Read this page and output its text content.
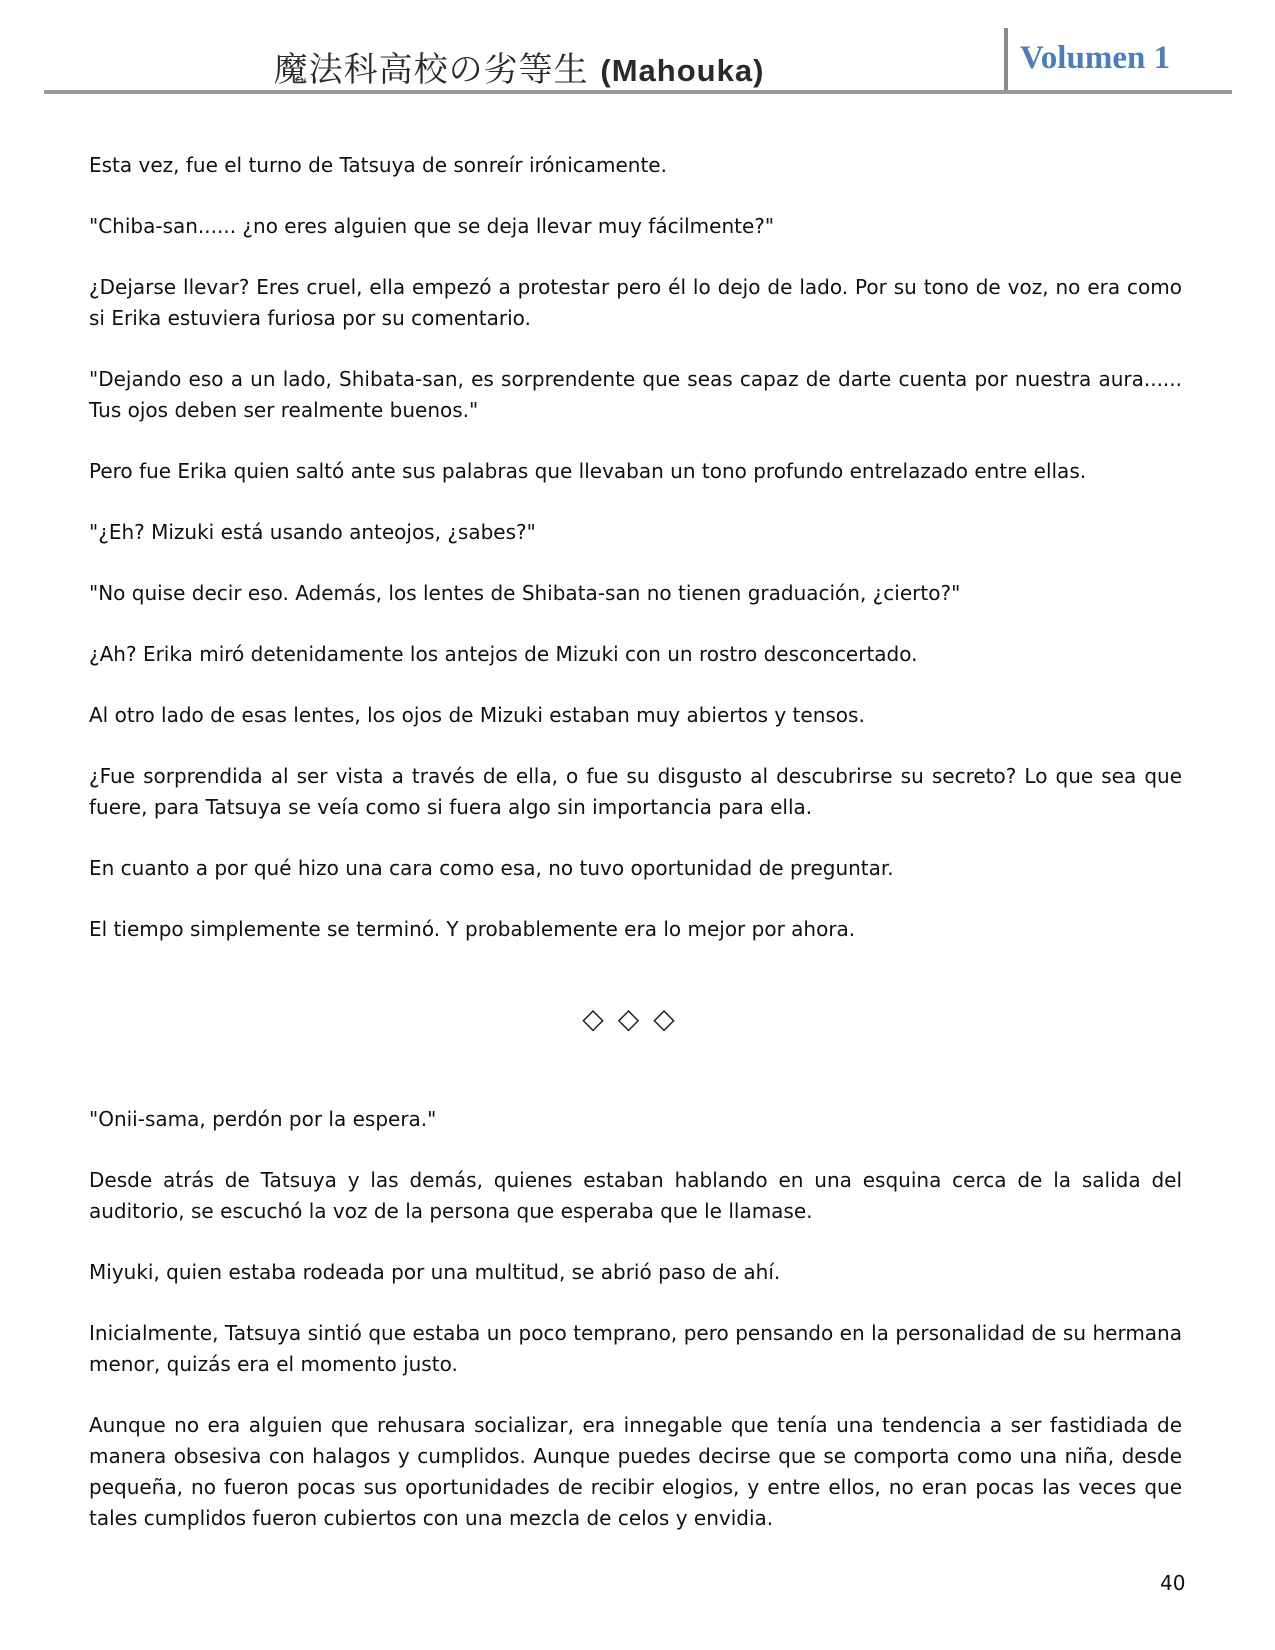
魔法科高校の劣等生 (Mahouka)	Volumen 1

Esta vez, fue el turno de Tatsuya de sonreír irónicamente.

"Chiba-san...... ¿no eres alguien que se deja llevar muy fácilmente?"

¿Dejarse llevar? Eres cruel, ella empezó a protestar pero él lo dejo de lado. Por su tono de voz, no era como si Erika estuviera furiosa por su comentario.

"Dejando eso a un lado, Shibata-san, es sorprendente que seas capaz de darte cuenta por nuestra aura...... Tus ojos deben ser realmente buenos."

Pero fue Erika quien saltó ante sus palabras que llevaban un tono profundo entrelazado entre ellas.

"¿Eh? Mizuki está usando anteojos, ¿sabes?"

"No quise decir eso. Además, los lentes de Shibata-san no tienen graduación, ¿cierto?"

¿Ah? Erika miró detenidamente los antejos de Mizuki con un rostro desconcertado.

Al otro lado de esas lentes, los ojos de Mizuki estaban muy abiertos y tensos.

¿Fue sorprendida al ser vista a través de ella, o fue su disgusto al descubrirse su secreto? Lo que sea que fuere, para Tatsuya se veía como si fuera algo sin importancia para ella.

En cuanto a por qué hizo una cara como esa, no tuvo oportunidad de preguntar.

El tiempo simplemente se terminó. Y probablemente era lo mejor por ahora.

◇◇◇

"Onii-sama, perdón por la espera."

Desde atrás de Tatsuya y las demás, quienes estaban hablando en una esquina cerca de la salida del auditorio, se escuchó la voz de la persona que esperaba que le llamase.

Miyuki, quien estaba rodeada por una multitud, se abrió paso de ahí.

Inicialmente, Tatsuya sintió que estaba un poco temprano, pero pensando en la personalidad de su hermana menor, quizás era el momento justo.

Aunque no era alguien que rehusara socializar, era innegable que tenía una tendencia a ser fastidiada de manera obsesiva con halagos y cumplidos. Aunque puedes decirse que se comporta como una niña, desde pequeña, no fueron pocas sus oportunidades de recibir elogios, y entre ellos, no eran pocas las veces que tales cumplidos fueron cubiertos con una mezcla de celos y envidia.

40
